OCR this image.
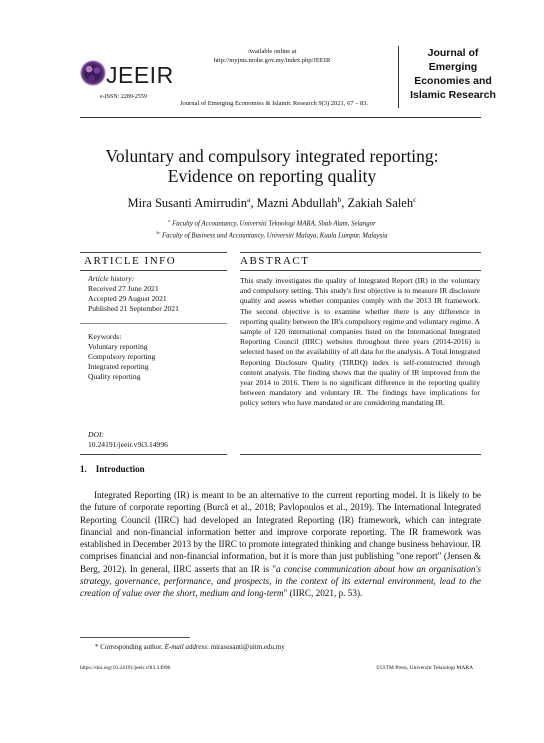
JEEIR
e-ISSN: 2289-2559
Available online at
http://myjms.mohe.gov.my/index.php/JEEIR
Journal of Emerging Economies & Islamic Research 9(3) 2021, 67 – 83.
Journal of
Emerging
Economies and
Islamic Research
Voluntary and compulsory integrated reporting:
Evidence on reporting quality
Mira Susanti Amirrudin$^a$, Mazni Abdullah$^b$, Zakiah Saleh$^c$
$^a$ Faculty of Accountancy, Universiti Teknologi MARA, Shah Alam, Selangor
$^{bc}$ Faculty of Business and Accountancy, Universiti Malaya, Kuala Lumpur, Malaysia
ARTICLE INFO	ABSTRACT
Article history:
Received 27 June 2021
Accepted 29 August 2021
Published 21 September 2021
Keywords:
Voluntary reporting
Compulsory reporting
Integrated reporting
Quality reporting
DOI:
10.24191/jeeir.v9i3.14996
This study investigates the quality of Integrated Report (IR) in the voluntary and compulsory setting. This study's first objective is to measure IR disclosure quality and assess whether companies comply with the 2013 IR framework. The second objective is to examine whether there is any difference in reporting quality between the IR's compulsory regime and voluntary regime. A sample of 120 international companies listed on the International Integrated Reporting Council (IIRC) websites throughout three years (2014-2016) is selected based on the availability of all data for the analysis. A Total Integrated Reporting Disclosure Quality (TIRDQ) index is self-constructed through content analysis. The finding shows that the quality of IR improved from the year 2014 to 2016. There is no significant difference in the reporting quality between mandatory and voluntary IR. The findings have implications for policy setters who have mandated or are considering mandating IR.
1.    Introduction
Integrated Reporting (IR) is meant to be an alternative to the current reporting model. It is likely to be the future of corporate reporting (Burcă et al., 2018; Pavlopoulos et al., 2019). The International Integrated Reporting Council (IIRC) had developed an Integrated Reporting (IR) framework, which can integrate financial and non-financial information better and improve corporate reporting. The IR framework was established in December 2013 by the IIRC to promote integrated thinking and change business behaviour. IR comprises financial and non-financial information, but it is more than just publishing "one report" (Jensen & Berg, 2012). In general, IIRC asserts that an IR is "a concise communication about how an organisation's strategy, governance, performance, and prospects, in the context of its external environment, lead to the creation of value over the short, medium and long-term" (IIRC, 2021, p. 53).
* Corresponding author. E-mail address: mirasusanti@uitm.edu.my
https://doi.org/10.24191/jeeir.v9i3.14996	©UiTM Press, Universiti Teknologi MARA
